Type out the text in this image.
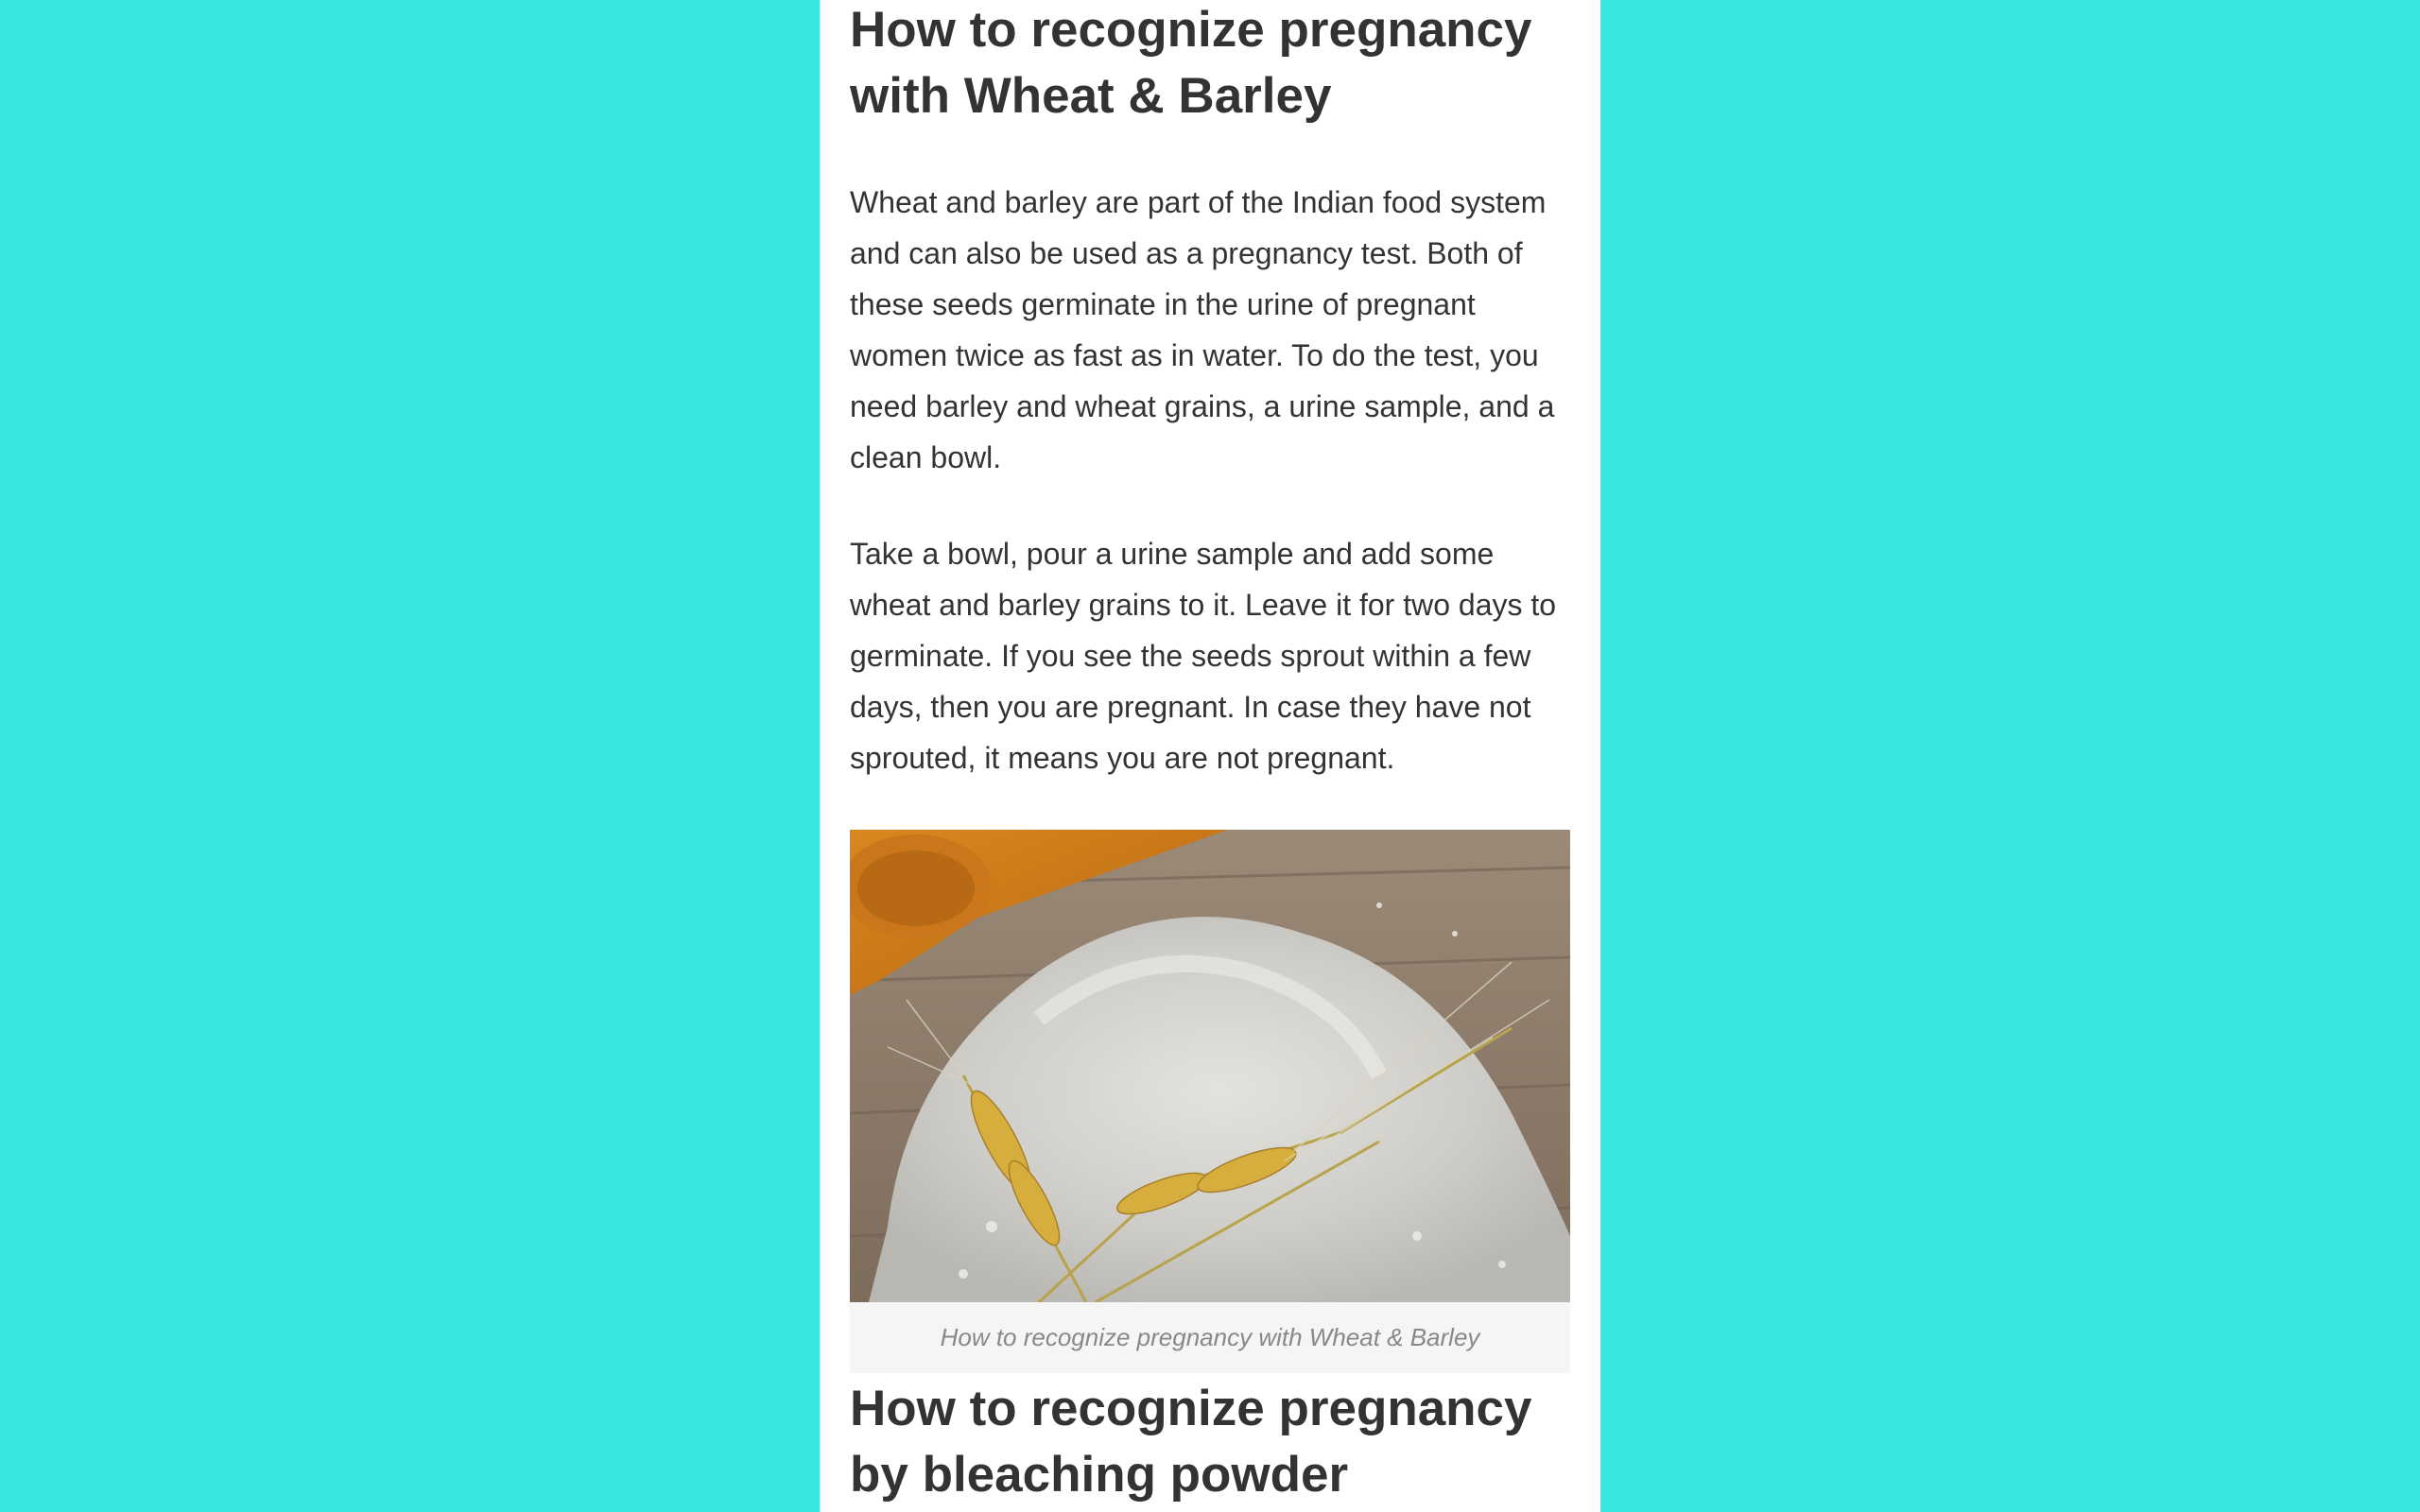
How to recognize pregnancy with Wheat & Barley

Wheat and barley are part of the Indian food system and can also be used as a pregnancy test. Both of these seeds germinate in the urine of pregnant women twice as fast as in water. To do the test, you need barley and wheat grains, a urine sample, and a clean bowl.

Take a bowl, pour a urine sample and add some wheat and barley grains to it. Leave it for two days to germinate. If you see the seeds sprout within a few days, then you are pregnant. In case they have not sprouted, it means you are not pregnant.

How to recognize pregnancy with Wheat & Barley
How to recognize pregnancy by bleaching powder
